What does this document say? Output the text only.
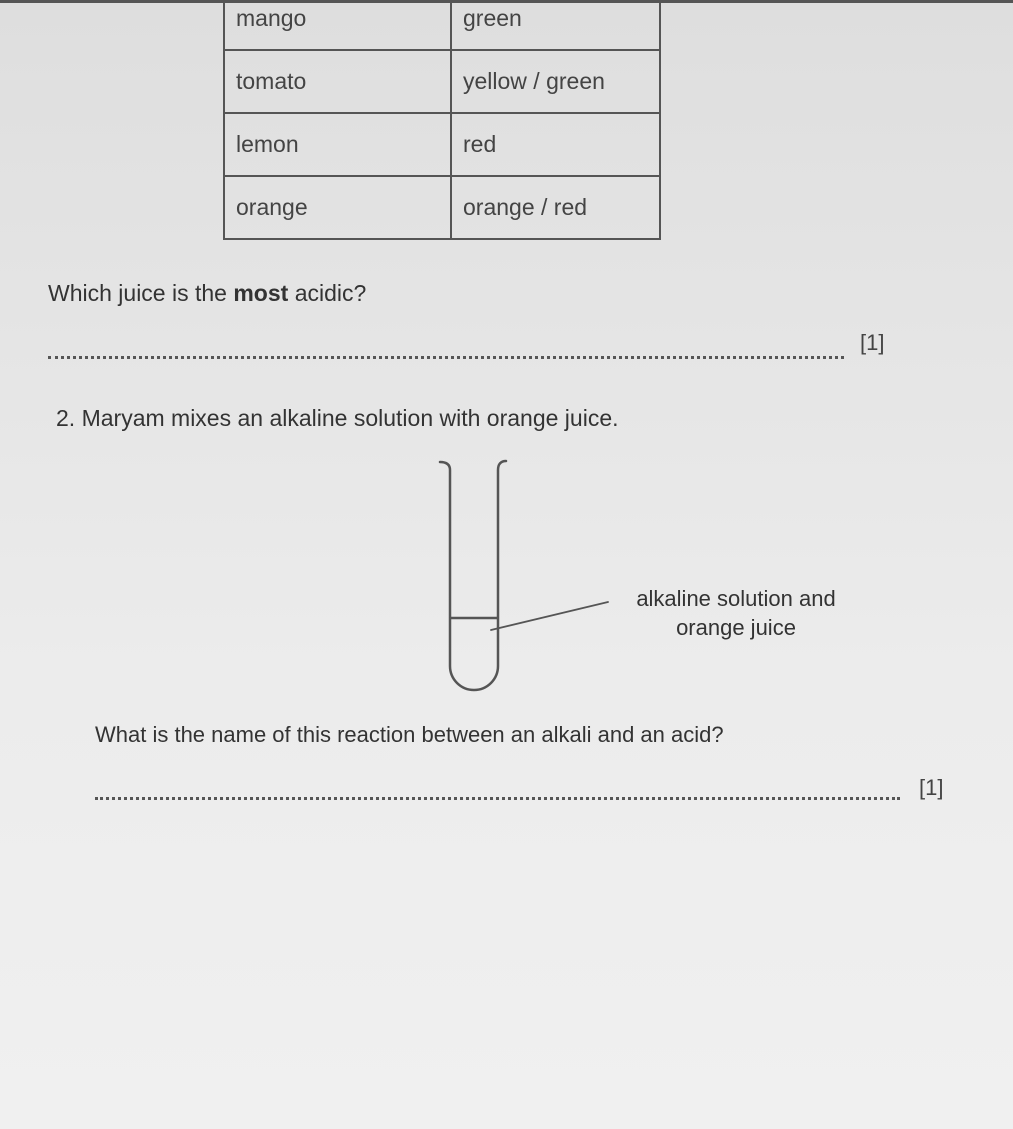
mango	green
tomato	yellow / green
lemon	red
orange	orange / red
Which juice is the most acidic?
[1]
2. Maryam mixes an alkaline solution with orange juice.
alkaline solution and
orange juice
What is the name of this reaction between an alkali and an acid?
[1]
